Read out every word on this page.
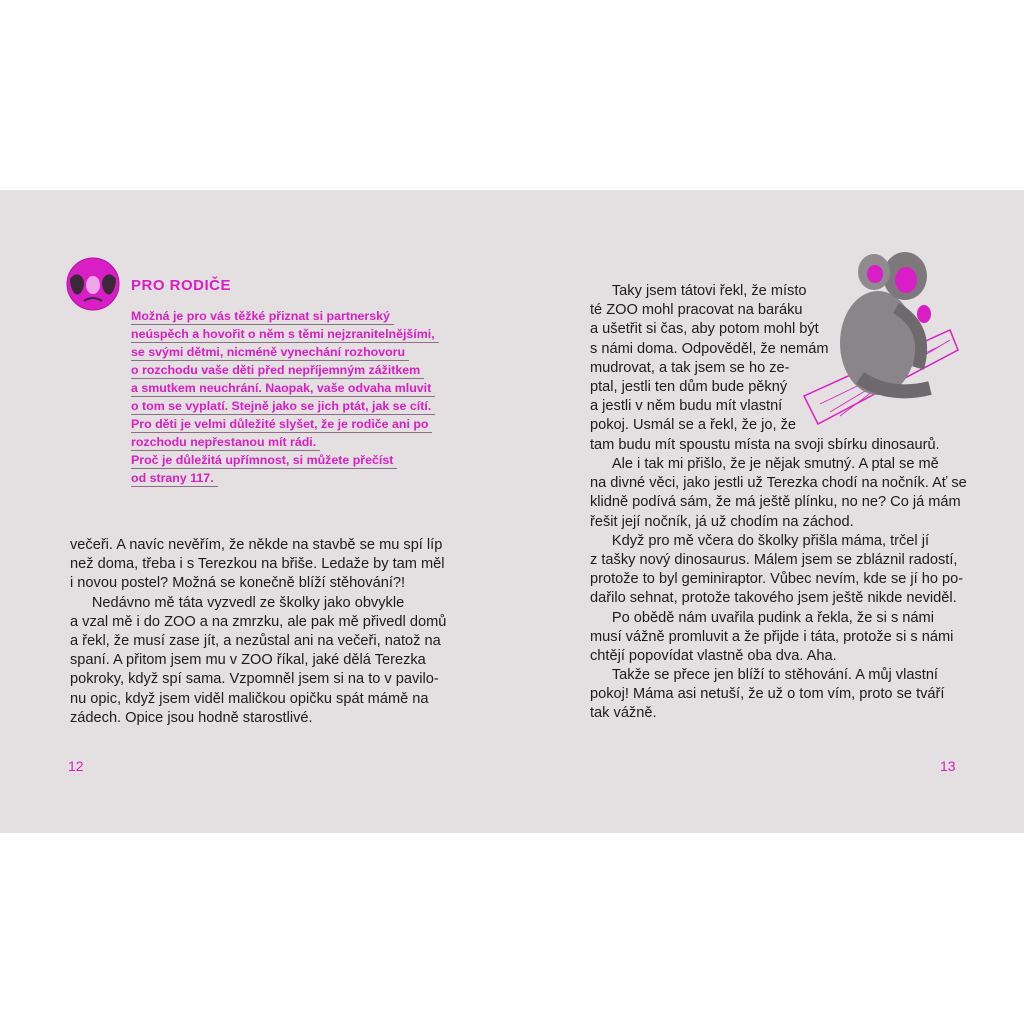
PRO RODIČE
Možná je pro vás těžké přiznat si partnerský
neúspěch a hovořit o něm s těmi nejzranitelnějšími,
se svými dětmi, nicméně vynechání rozhovoru
o rozchodu vaše děti před nepříjemným zážitkem
a smutkem neuchrání. Naopak, vaše odvaha mluvit
o tom se vyplatí. Stejně jako se jich ptát, jak se cítí.
Pro děti je velmi důležité slyšet, že je rodiče ani po
rozchodu nepřestanou mít rádi.
Proč je důležitá upřímnost, si můžete přečíst
od strany 117.
večeři. A navíc nevěřím, že někde na stavbě se mu spí líp
než doma, třeba i s Terezkou na břiše. Ledaže by tam měl
i novou postel? Možná se konečně blíží stěhování?!
  Nedávno mě táta vyzvedl ze školky jako obvykle
a vzal mě i do ZOO a na zmrzku, ale pak mě přivedl domů
a řekl, že musí zase jít, a nezůstal ani na večeři, natož na
spaní. A přitom jsem mu v ZOO říkal, jaké dělá Terezka
pokroky, když spí sama. Vzpomněl jsem si na to v pavilo-
nu opic, když jsem viděl maličkou opičku spát mámě na
zádech. Opice jsou hodně starostlivé.
  Taky jsem tátovi řekl, že místo
té ZOO mohl pracovat na baráku
a ušetřit si čas, aby potom mohl být
s námi doma. Odpověděl, že nemám
mudrovat, a tak jsem se ho ze-
ptal, jestli ten dům bude pěkný
a jestli v něm budu mít vlastní
pokoj. Usmál se a řekl, že jo, že
tam budu mít spoustu místa na svoji sbírku dinosaurů.
  Ale i tak mi přišlo, že je nějak smutný. A ptal se mě
na divné věci, jako jestli už Terezka chodí na nočník. Ať se
klidně podívá sám, že má ještě plínku, no ne? Co já mám
řešit její nočník, já už chodím na záchod.
  Když pro mě včera do školky přišla máma, trčel jí
z tašky nový dinosaurus. Málem jsem se zbláznil radostí,
protože to byl geminiraptor. Vůbec nevím, kde se jí ho po-
dařilo sehnat, protože takového jsem ještě nikde neviděl.
  Po obědě nám uvařila pudink a řekla, že si s námi
musí vážně promluvit a že přijde i táta, protože si s námi
chtějí popovídat vlastně oba dva. Aha.
  Takže se přece jen blíží to stěhování. A můj vlastní
pokoj! Máma asi netuší, že už o tom vím, proto se tváří
tak vážně.
12	13
